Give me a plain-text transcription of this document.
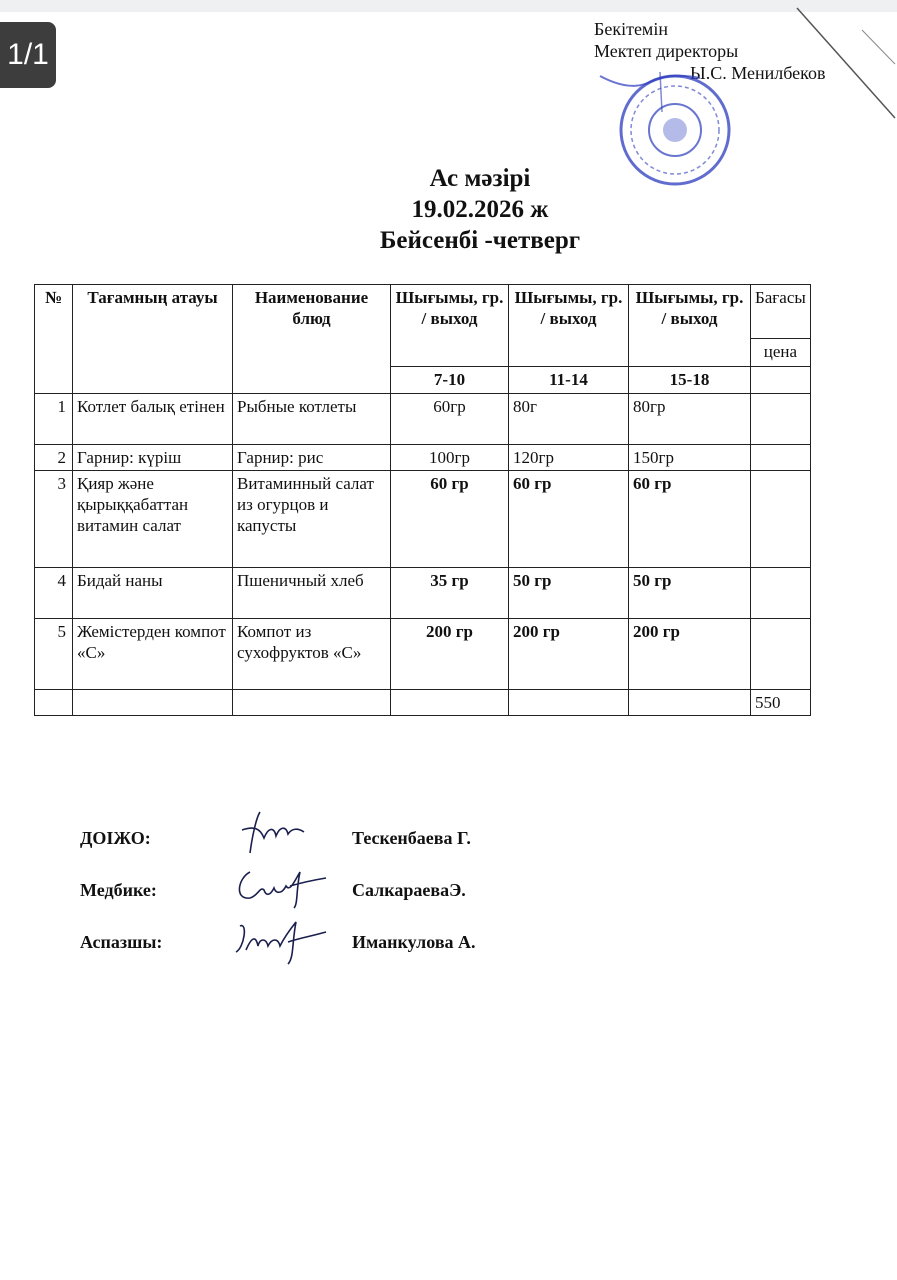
1/1
Бекітемін
Мектеп директоры
Ы.С. Менилбеков
Ас мәзірі
19.02.2026 ж
Бейсенбі -четверг
№	Тағамның атауы	Наименование блюд	Шығымы, гр. / выход	Шығымы, гр. / выход	Шығымы, гр. / выход	Бағасы
						цена
			7-10	11-14	15-18	
1	Котлет балық етінен	Рыбные котлеты	60гр	80г	80гр	
2	Гарнир: күріш	Гарнир: рис	100гр	120гр	150гр	
3	Қияр және қырыққабаттан витамин салат	Витаминный салат из огурцов и капусты	60 гр	60 гр	60 гр	
4	Бидай наны	Пшеничный хлеб	35 гр	50 гр	50 гр	
5	Жемістерден компот «С»	Компот из сухофруктов «С»	200 гр	200 гр	200 гр	
						550
ДОІЖО:	Тескенбаева Г.
Медбике:	СалкараеваЭ.
Аспазшы:	Иманкулова А.
